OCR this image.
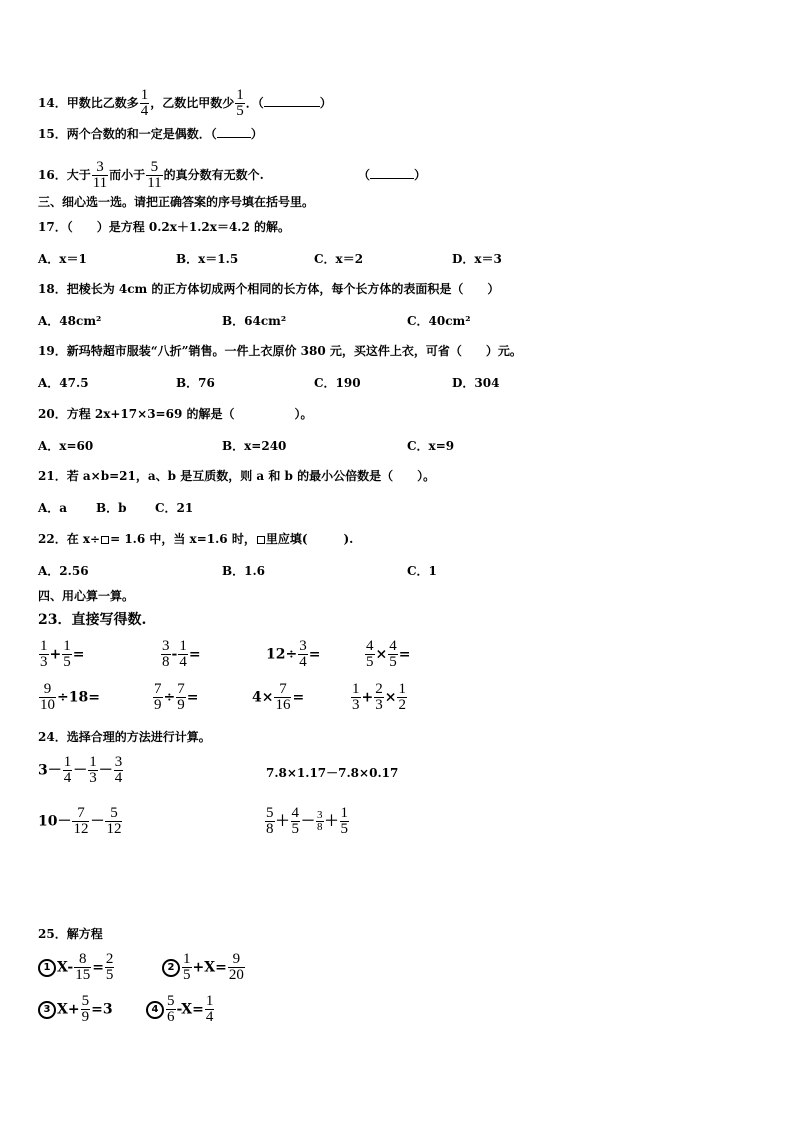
14．甲数比乙数多 $\frac{1}{4}$ ，乙数比甲数少 $\frac{1}{5}$ ．（	）
15．两个合数的和一定是偶数．（	）
16．大于 $\frac{3}{11}$ 而小于 $\frac{5}{11}$ 的真分数有无数个.	（	）
三、细心选一选。请把正确答案的序号填在括号里。
17．（　　）是方程 0.2x＋1.2x＝4.2 的解。
A．x＝1	B．x＝1.5	C．x＝2	D．x＝3
18．把棱长为 4cm 的正方体切成两个相同的长方体，每个长方体的表面积是（　　）
A．48cm²	B．64cm²	C．40cm²
19．新玛特超市服装“八折”销售。一件上衣原价 380 元，买这件上衣，可省（　　）元。
A．47.5	B．76	C．190	D．304
20．方程 2x+17×3=69 的解是（　　　　　）。
A．x=60	B．x=240	C．x=9
21．若 a×b=21，a、b 是互质数，则 a 和 b 的最小公倍数是（　　）。
A．a B．b C．21
22．在 x÷ = 1.6 中，当 x=1.6 时， 里应填(　　　).
A．2.56	B．1.6	C．1
四、用心算一算。
23．直接写得数.
$\frac{1}{3} + \frac{1}{5}$ =	$\frac{3}{8} - \frac{1}{4}$ =	$12\div \frac{3}{4}$ =	$\frac{4}{5} \times \frac{4}{5}$ =
$\frac{9}{10} \div 18=$	$\frac{7}{9} \div \frac{7}{9}$ =	$4\times \frac{7}{16}$ =	$\frac{1}{3} + \frac{2}{3} \times \frac{1}{2}$
24．选择合理的方法进行计算。
$3- \frac{1}{4} - \frac{1}{3} - \frac{3}{4}$	7.8×1.17－7.8×0.17
$10- \frac{7}{12} - \frac{5}{12}$	$\frac{5}{8} + \frac{4}{5} - \frac{3}{8} + \frac{1}{5}$
25．解方程
1 $X- \frac{8}{15} = \frac{2}{5}$	$2 \frac{1}{5} +X= \frac{9}{20}$
3 $X+ \frac{5}{9} =3$	$4 \frac{5}{6} -X= \frac{1}{4}$
